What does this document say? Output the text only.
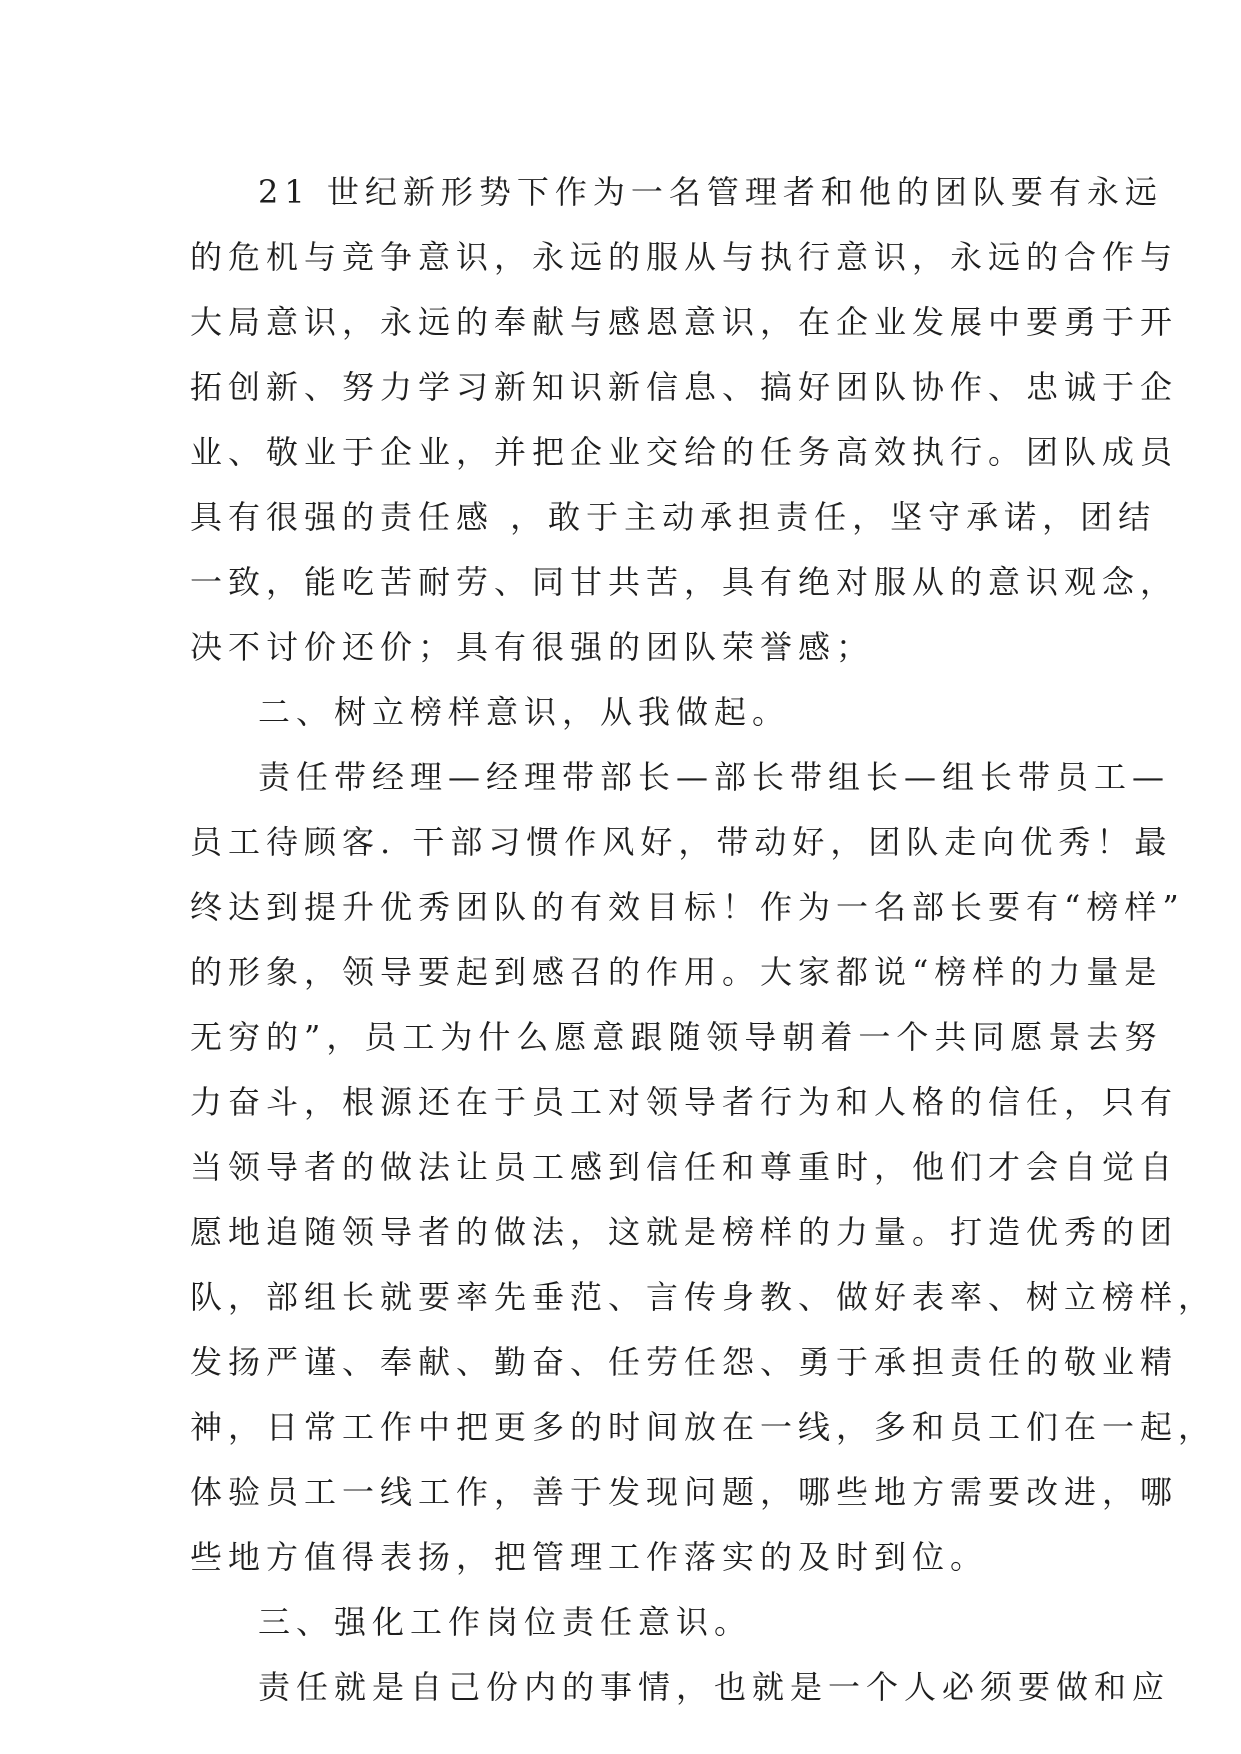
21 世纪新形势下作为一名管理者和他的团队要有永远
的危机与竞争意识，永远的服从与执行意识，永远的合作与
大局意识，永远的奉献与感恩意识，在企业发展中要勇于开
拓创新、努力学习新知识新信息、搞好团队协作、忠诚于企
业、敬业于企业，并把企业交给的任务高效执行。团队成员
具有很强的责任感 ，敢于主动承担责任，坚守承诺，团结
一致，能吃苦耐劳、同甘共苦，具有绝对服从的意识观念，
决不讨价还价；具有很强的团队荣誉感；
二、树立榜样意识，从我做起。
责任带经理—经理带部长—部长带组长—组长带员工—
员工待顾客. 干部习惯作风好，带动好，团队走向优秀！最
终达到提升优秀团队的有效目标！作为一名部长要有“榜样”
的形象，领导要起到感召的作用。大家都说“榜样的力量是
无穷的”，员工为什么愿意跟随领导朝着一个共同愿景去努
力奋斗，根源还在于员工对领导者行为和人格的信任，只有
当领导者的做法让员工感到信任和尊重时，他们才会自觉自
愿地追随领导者的做法，这就是榜样的力量。打造优秀的团
队，部组长就要率先垂范、言传身教、做好表率、树立榜样，
发扬严谨、奉献、勤奋、任劳任怨、勇于承担责任的敬业精
神，日常工作中把更多的时间放在一线，多和员工们在一起，
体验员工一线工作，善于发现问题，哪些地方需要改进，哪
些地方值得表扬，把管理工作落实的及时到位。
三、强化工作岗位责任意识。
责任就是自己份内的事情，也就是一个人必须要做和应
